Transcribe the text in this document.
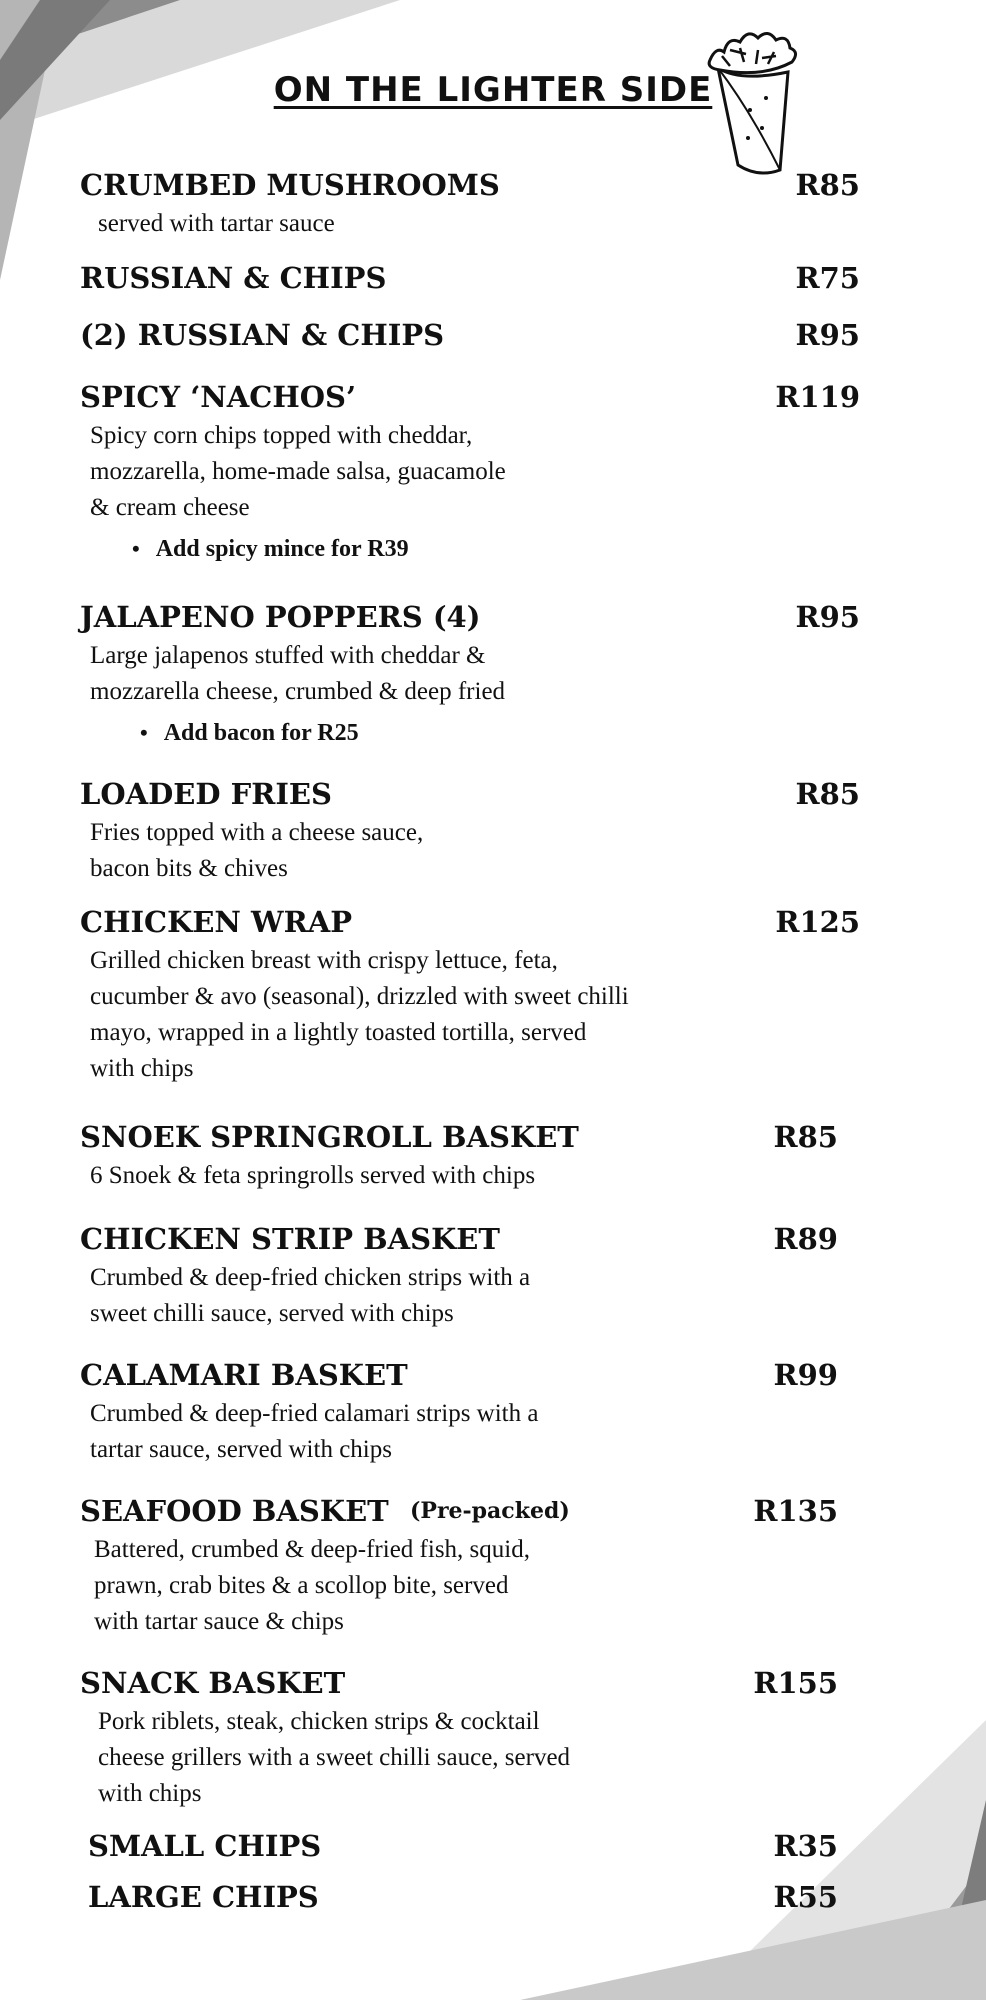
ON THE LIGHTER SIDE
CRUMBED MUSHROOMS	R85
served with tartar sauce
RUSSIAN & CHIPS	R75
(2) RUSSIAN & CHIPS	R95
SPICY ‘NACHOS’	R119
Spicy corn chips topped with cheddar,
mozzarella, home-made salsa, guacamole
& cream cheese
• Add spicy mince for R39
JALAPENO POPPERS (4)	R95
Large jalapenos stuffed with cheddar &
mozzarella cheese, crumbed & deep fried
• Add bacon for R25
LOADED FRIES	R85
Fries topped with a cheese sauce,
bacon bits & chives
CHICKEN WRAP	R125
Grilled chicken breast with crispy lettuce, feta,
cucumber & avo (seasonal), drizzled with sweet chilli
mayo, wrapped in a lightly toasted tortilla, served
with chips
SNOEK SPRINGROLL BASKET	R85
6 Snoek & feta springrolls served with chips
CHICKEN STRIP BASKET	R89
Crumbed & deep-fried chicken strips with a
sweet chilli sauce, served with chips
CALAMARI BASKET	R99
Crumbed & deep-fried calamari strips with a
tartar sauce, served with chips
SEAFOOD BASKET (Pre-packed)	R135
Battered, crumbed & deep-fried fish, squid,
prawn, crab bites & a scollop bite, served
with tartar sauce & chips
SNACK BASKET	R155
Pork riblets, steak, chicken strips & cocktail
cheese grillers with a sweet chilli sauce, served
with chips
SMALL CHIPS	R35
LARGE CHIPS	R55
